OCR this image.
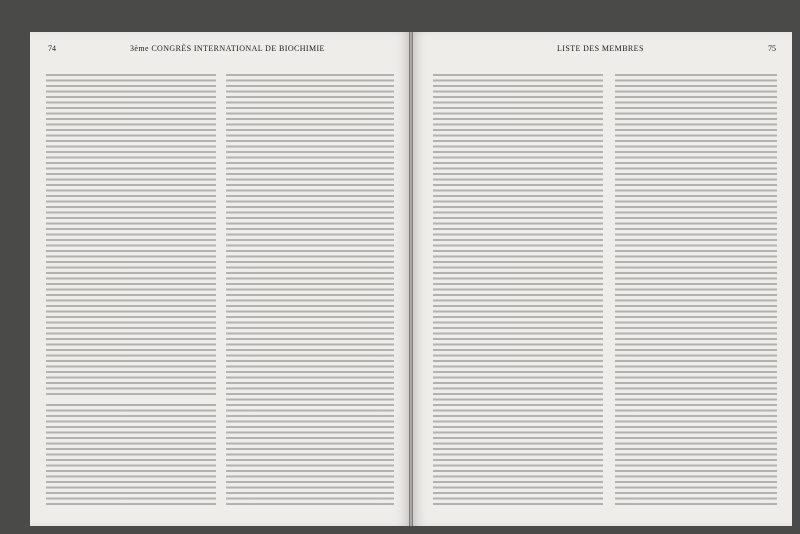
74	3ème CONGRÈS INTERNATIONAL DE BIOCHIMIE	LISTE DES MEMBRES	75
